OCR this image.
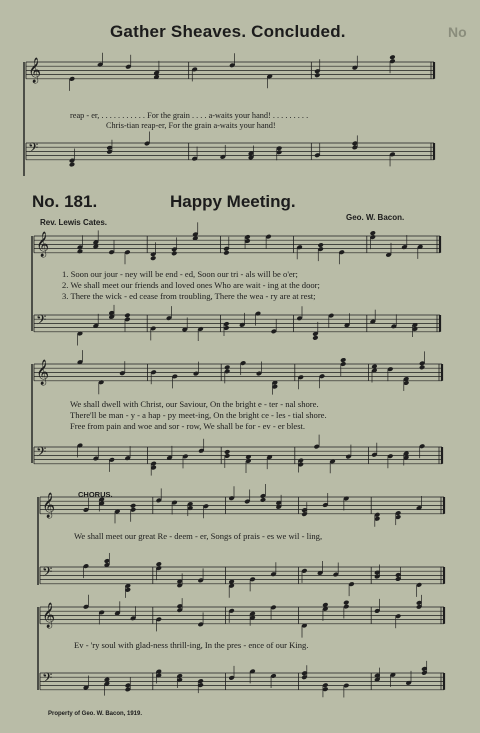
𝄞
𝄢
𝄞
𝄢
𝄞
𝄢
𝄞
𝄢
𝄞
𝄢
No
Gather Sheaves. Concluded.
reap - er, . . . . . . . . . . . For the grain . . . . a-waits your hand! . . . . . . . . .
Chris-tian reap-er, For the grain a-waits your hand!
No. 181.	Happy Meeting.
Rev. Lewis Cates.
Geo. W. Bacon.
1. Soon our jour - ney will be end - ed, Soon our tri - als will be o'er;
2. We shall meet our friends and loved ones Who are wait - ing at the door;
3. There the wick - ed cease from troubling, There the wea - ry are at rest;
We shall dwell with Christ, our Saviour, On the bright e - ter - nal shore.
There'll be man - y - a hap - py meet-ing, On the bright ce - les - tial shore.
Free from pain and woe and sor - row, We shall be for - ev - er blest.
CHORUS.
We shall meet our great Re - deem - er, Songs of prais - es we wil - ling,
Ev - 'ry soul with glad-ness thrill-ing, In the pres - ence of our King.
Property of Geo. W. Bacon, 1919.
